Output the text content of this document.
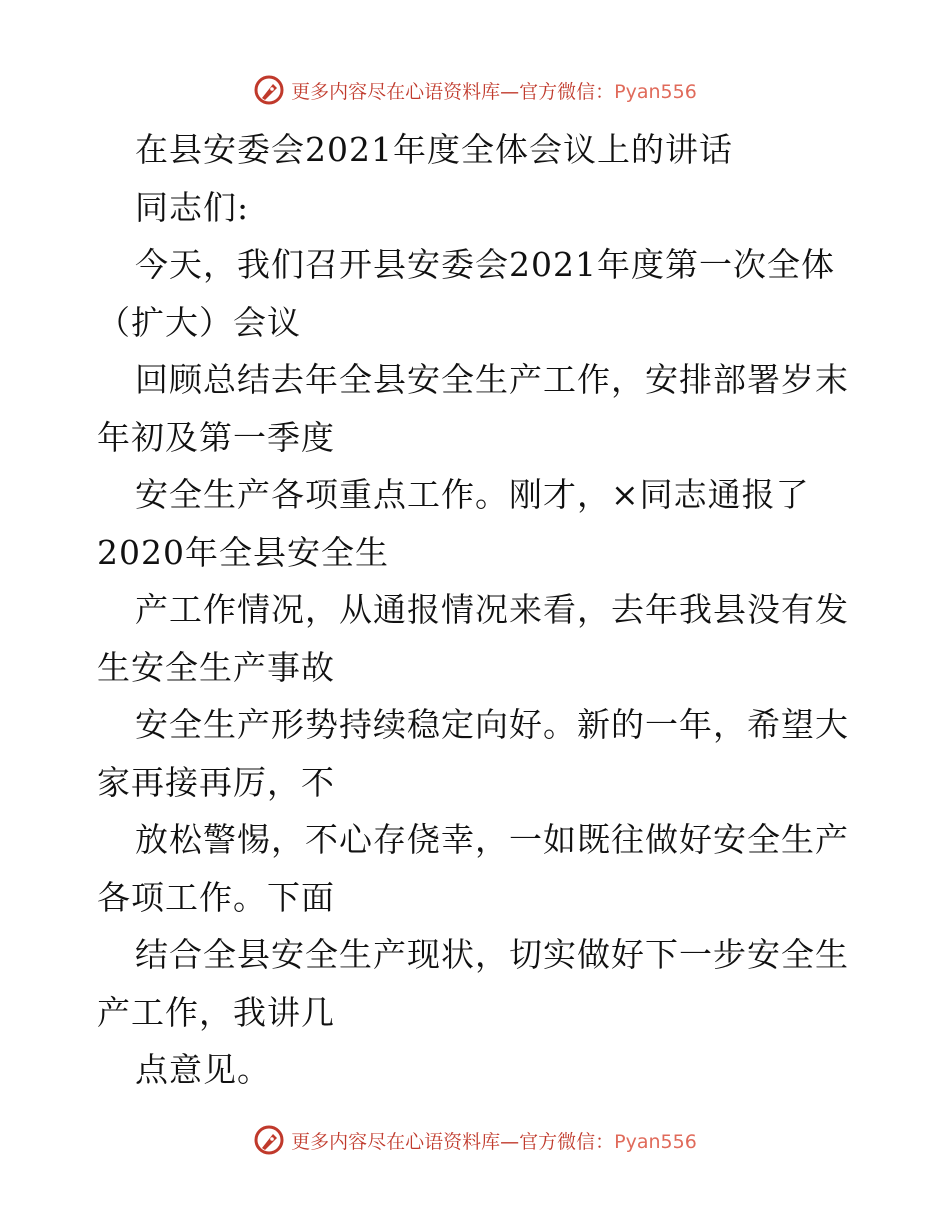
更多内容尽在心语资料库—官方微信：Pyan556
在县安委会2021年度全体会议上的讲话
同志们:
今天，我们召开县安委会2021年度第一次全体
（扩大）会议
回顾总结去年全县安全生产工作，安排部署岁末
年初及第一季度
安全生产各项重点工作。刚才，×同志通报了
2020年全县安全生
产工作情况，从通报情况来看，去年我县没有发
生安全生产事故
安全生产形势持续稳定向好。新的一年，希望大
家再接再厉，不
放松警惕，不心存侥幸，一如既往做好安全生产
各项工作。下面
结合全县安全生产现状，切实做好下一步安全生
产工作，我讲几
点意见。
更多内容尽在心语资料库—官方微信：Pyan556
